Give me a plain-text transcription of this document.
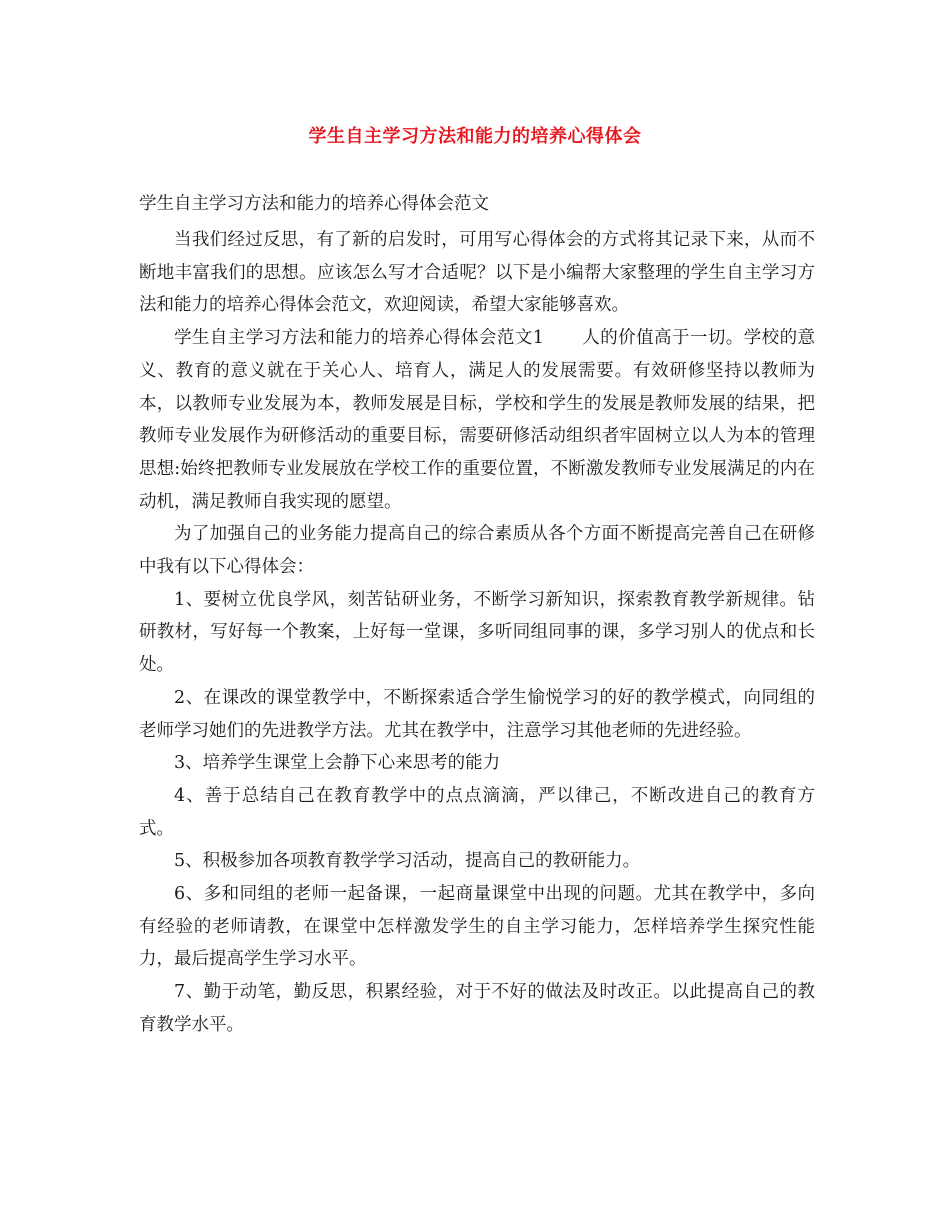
学生自主学习方法和能力的培养心得体会

学生自主学习方法和能力的培养心得体会范文

当我们经过反思，有了新的启发时，可用写心得体会的方式将其记录下来，从而不断地丰富我们的思想。应该怎么写才合适呢？以下是小编帮大家整理的学生自主学习方法和能力的培养心得体会范文，欢迎阅读，希望大家能够喜欢。

学生自主学习方法和能力的培养心得体会范文1 人的价值高于一切。学校的意义、教育的意义就在于关心人、培育人，满足人的发展需要。有效研修坚持以教师为本，以教师专业发展为本，教师发展是目标，学校和学生的发展是教师发展的结果，把教师专业发展作为研修活动的重要目标，需要研修活动组织者牢固树立以人为本的管理思想:始终把教师专业发展放在学校工作的重要位置，不断激发教师专业发展满足的内在动机，满足教师自我实现的愿望。

为了加强自己的业务能力提高自己的综合素质从各个方面不断提高完善自己在研修中我有以下心得体会：

1、要树立优良学风，刻苦钻研业务，不断学习新知识，探索教育教学新规律。钻研教材，写好每一个教案，上好每一堂课，多听同组同事的课，多学习别人的优点和长处。

2、在课改的课堂教学中，不断探索适合学生愉悦学习的好的教学模式，向同组的老师学习她们的先进教学方法。尤其在教学中，注意学习其他老师的先进经验。

3、培养学生课堂上会静下心来思考的能力

4、善于总结自己在教育教学中的点点滴滴，严以律己，不断改进自己的教育方式。

5、积极参加各项教育教学学习活动，提高自己的教研能力。

6、多和同组的老师一起备课，一起商量课堂中出现的问题。尤其在教学中，多向有经验的老师请教，在课堂中怎样激发学生的自主学习能力，怎样培养学生探究性能力，最后提高学生学习水平。

7、勤于动笔，勤反思，积累经验，对于不好的做法及时改正。以此提高自己的教育教学水平。
